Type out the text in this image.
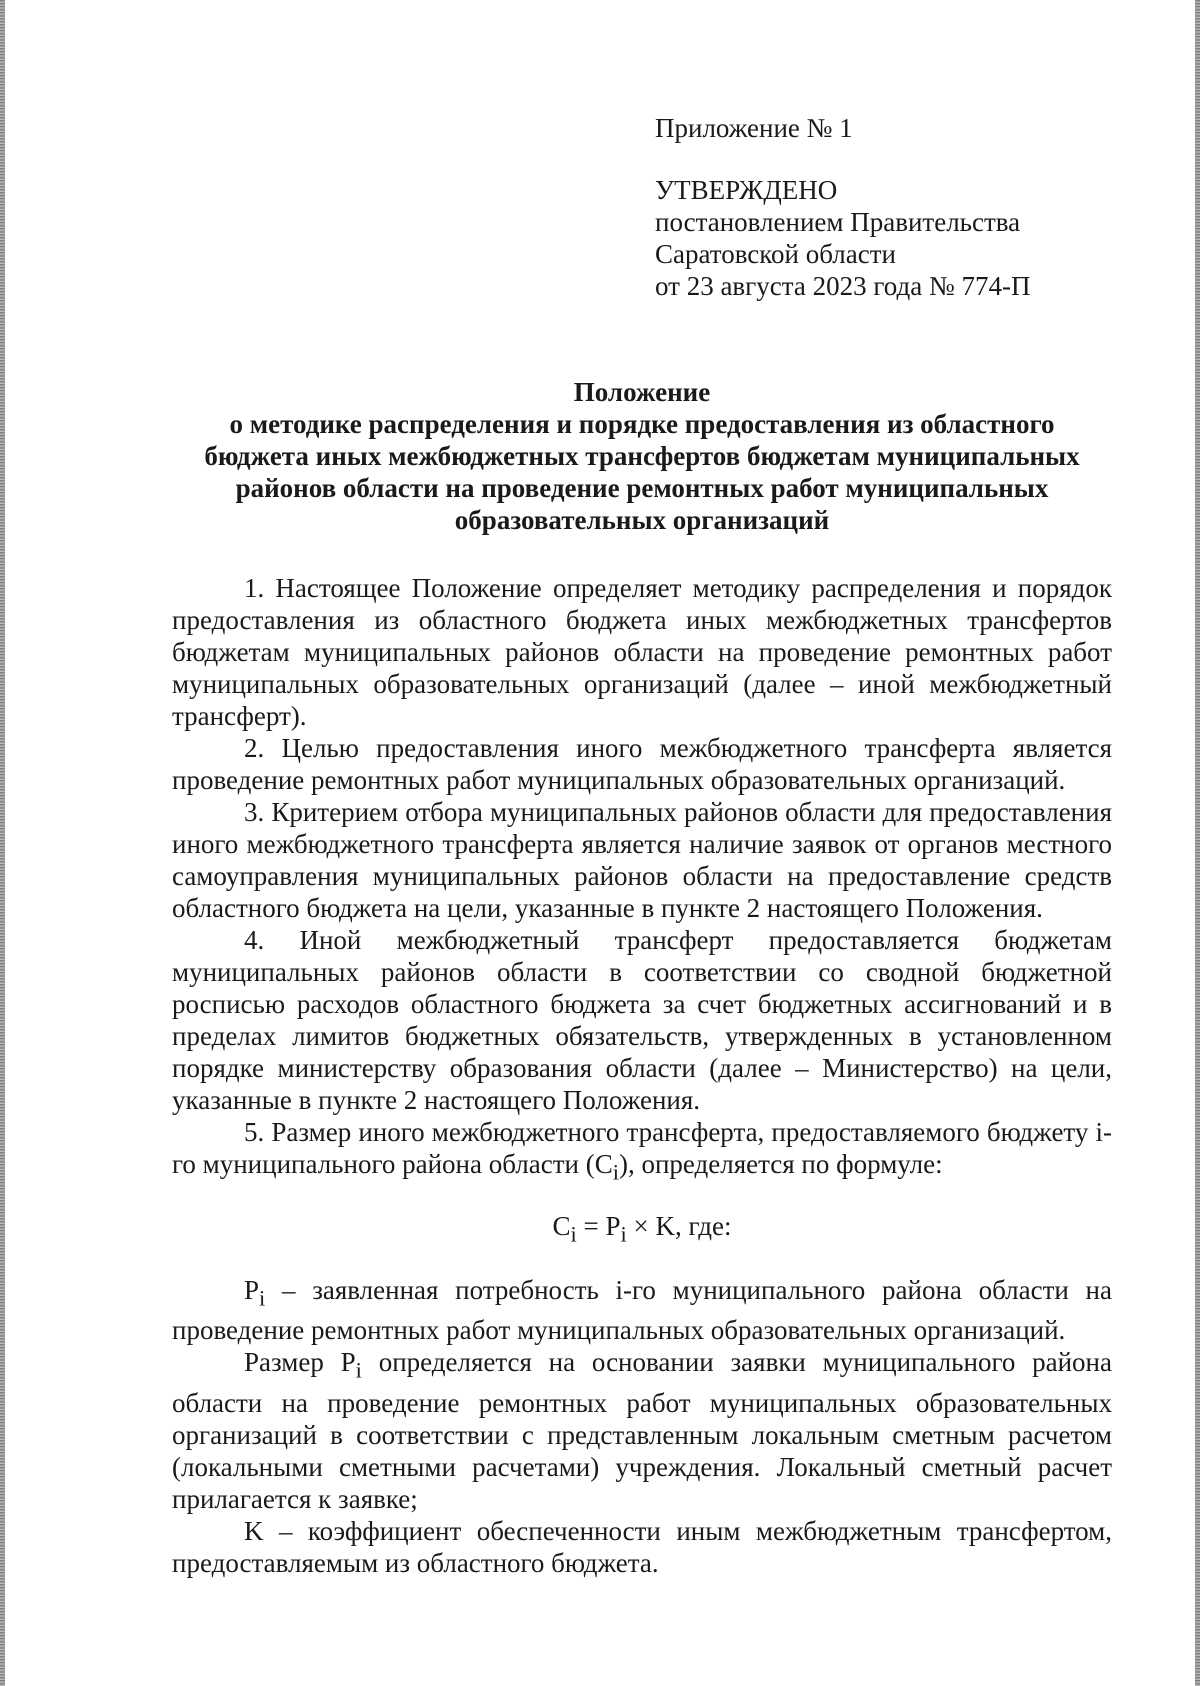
Приложение № 1
УТВЕРЖДЕНО
постановлением Правительства
Саратовской области
от 23 августа 2023 года № 774-П
Положение
о методике распределения и порядке предоставления из областного
бюджета иных межбюджетных трансфертов бюджетам муниципальных
районов области на проведение ремонтных работ муниципальных
образовательных организаций

1. Настоящее Положение определяет методику распределения и порядок предоставления из областного бюджета иных межбюджетных трансфертов бюджетам муниципальных районов области на проведение ремонтных работ муниципальных образовательных организаций (далее – иной межбюджетный трансферт).

2. Целью предоставления иного межбюджетного трансферта является проведение ремонтных работ муниципальных образовательных организаций.

3. Критерием отбора муниципальных районов области для предоставления иного межбюджетного трансферта является наличие заявок от органов местного самоуправления муниципальных районов области на предоставление средств областного бюджета на цели, указанные в пункте 2 настоящего Положения.

4. Иной межбюджетный трансферт предоставляется бюджетам муниципальных районов области в соответствии со сводной бюджетной росписью расходов областного бюджета за счет бюджетных ассигнований и в пределах лимитов бюджетных обязательств, утвержденных в установленном порядке министерству образования области (далее – Министерство) на цели, указанные в пункте 2 настоящего Положения.

5. Размер иного межбюджетного трансферта, предоставляемого бюджету i-го муниципального района области $(C_i)$, определяется по формуле:

$C_i = P_i \times K$, где:

$P_i$ – заявленная потребность i-го муниципального района области на проведение ремонтных работ муниципальных образовательных организаций.

Размер $P_i$ определяется на основании заявки муниципального района области на проведение ремонтных работ муниципальных образовательных организаций в соответствии с представленным локальным сметным расчетом (локальными сметными расчетами) учреждения. Локальный сметный расчет прилагается к заявке;

K – коэффициент обеспеченности иным межбюджетным трансфертом, предоставляемым из областного бюджета.
